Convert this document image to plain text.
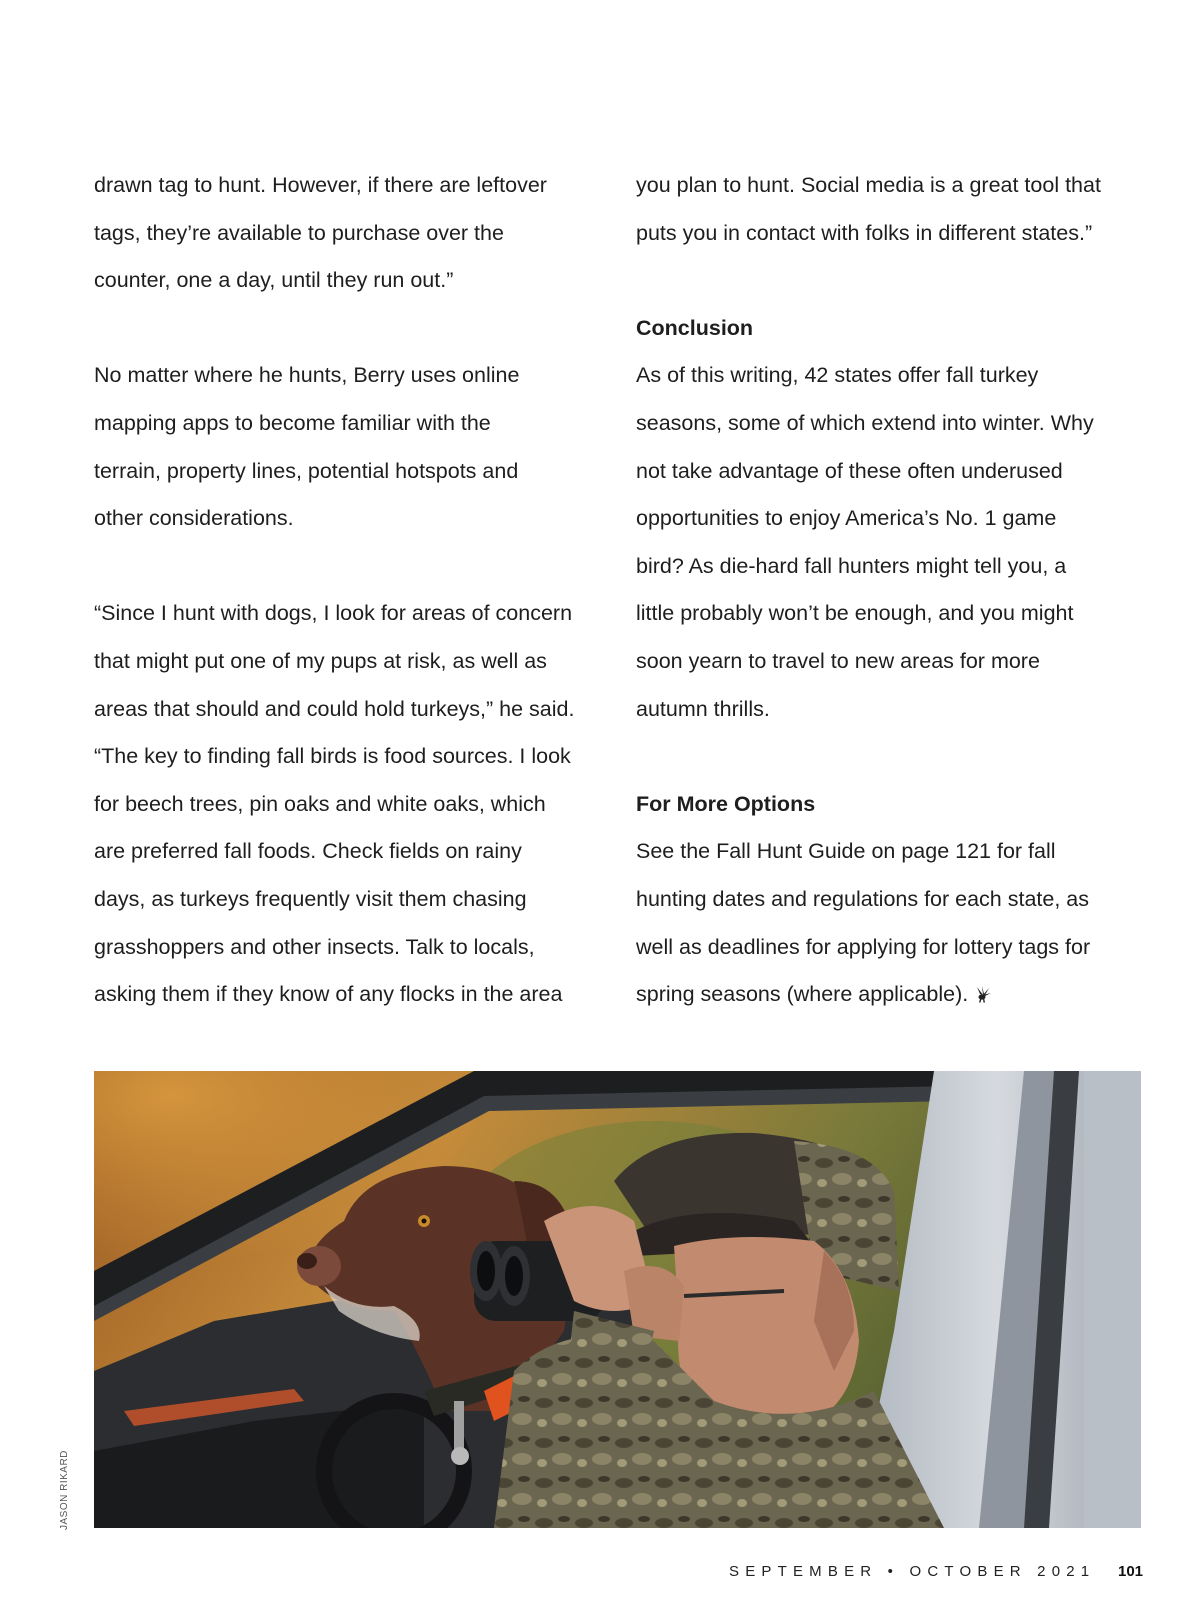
drawn tag to hunt. However, if there are leftover
tags, they’re available to purchase over the
counter, one a day, until they run out.”
No matter where he hunts, Berry uses online
mapping apps to become familiar with the
terrain, property lines, potential hotspots and
other considerations.
“Since I hunt with dogs, I look for areas of concern
that might put one of my pups at risk, as well as
areas that should and could hold turkeys,” he said.
“The key to finding fall birds is food sources. I look
for beech trees, pin oaks and white oaks, which
are preferred fall foods. Check fields on rainy
days, as turkeys frequently visit them chasing
grasshoppers and other insects. Talk to locals,
asking them if they know of any flocks in the area
you plan to hunt. Social media is a great tool that
puts you in contact with folks in different states.”
Conclusion
As of this writing, 42 states offer fall turkey
seasons, some of which extend into winter. Why
not take advantage of these often underused
opportunities to enjoy America’s No. 1 game
bird? As die-hard fall hunters might tell you, a
little probably won’t be enough, and you might
soon yearn to travel to new areas for more
autumn thrills.
For More Options
See the Fall Hunt Guide on page 121 for fall
hunting dates and regulations for each state, as
well as deadlines for applying for lottery tags for
spring seasons (where applicable).
JASON RIKARD
SEPTEMBER • OCTOBER 2021 101
